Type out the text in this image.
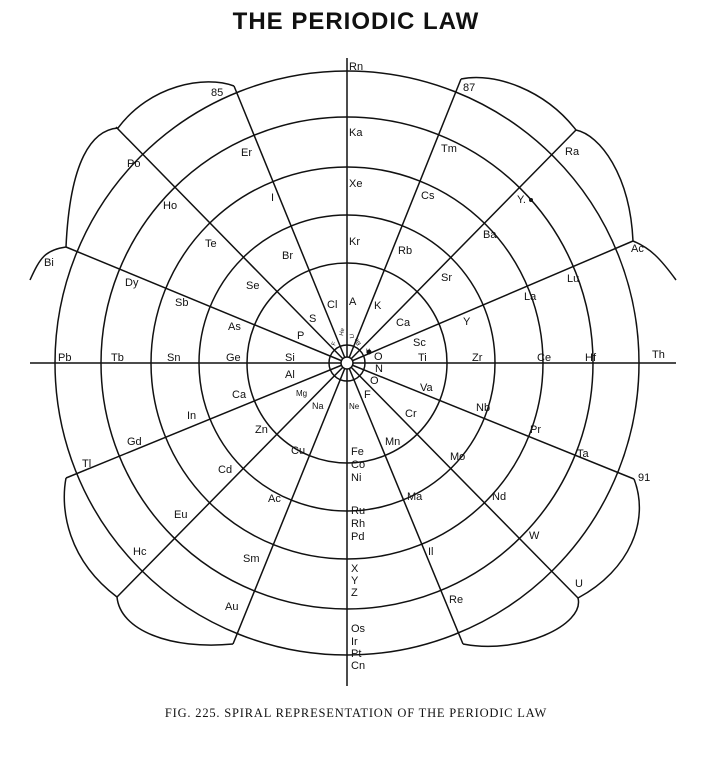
THE PERIODIC LAW
Rn
85	87
Ka
Er	Tm	Ra
Po
Xe
Cs	Y.
Ho
I
Kr
Te
Ba
Ac
Br	Rb
Bi
Lu
Dy	Se
Sr
La
Sb	Cl A K
S
As	Ca	Y
P
Sc
Pb	Tb	Sn	Ge	Si	O	Ti	Zr	Ce	Hf	Th
N
Al	O
Va
Mg
Ca
Na	Ne
F
Nb
In	Cr
Zn	Pr
Gd	Mn
Cu	Fe
Co
Ni
Ta
Mo
Tl	Cd
91
Ac	Ma	Nd
Ru
Rh
Pd
Eu
W
Hc	Il
Sm
X
Y
Z
U
Re
Au
Os
Ir
Pt
Cn
F
He Li
Be
H
FIG. 225. SPIRAL REPRESENTATION OF THE PERIODIC LAW
